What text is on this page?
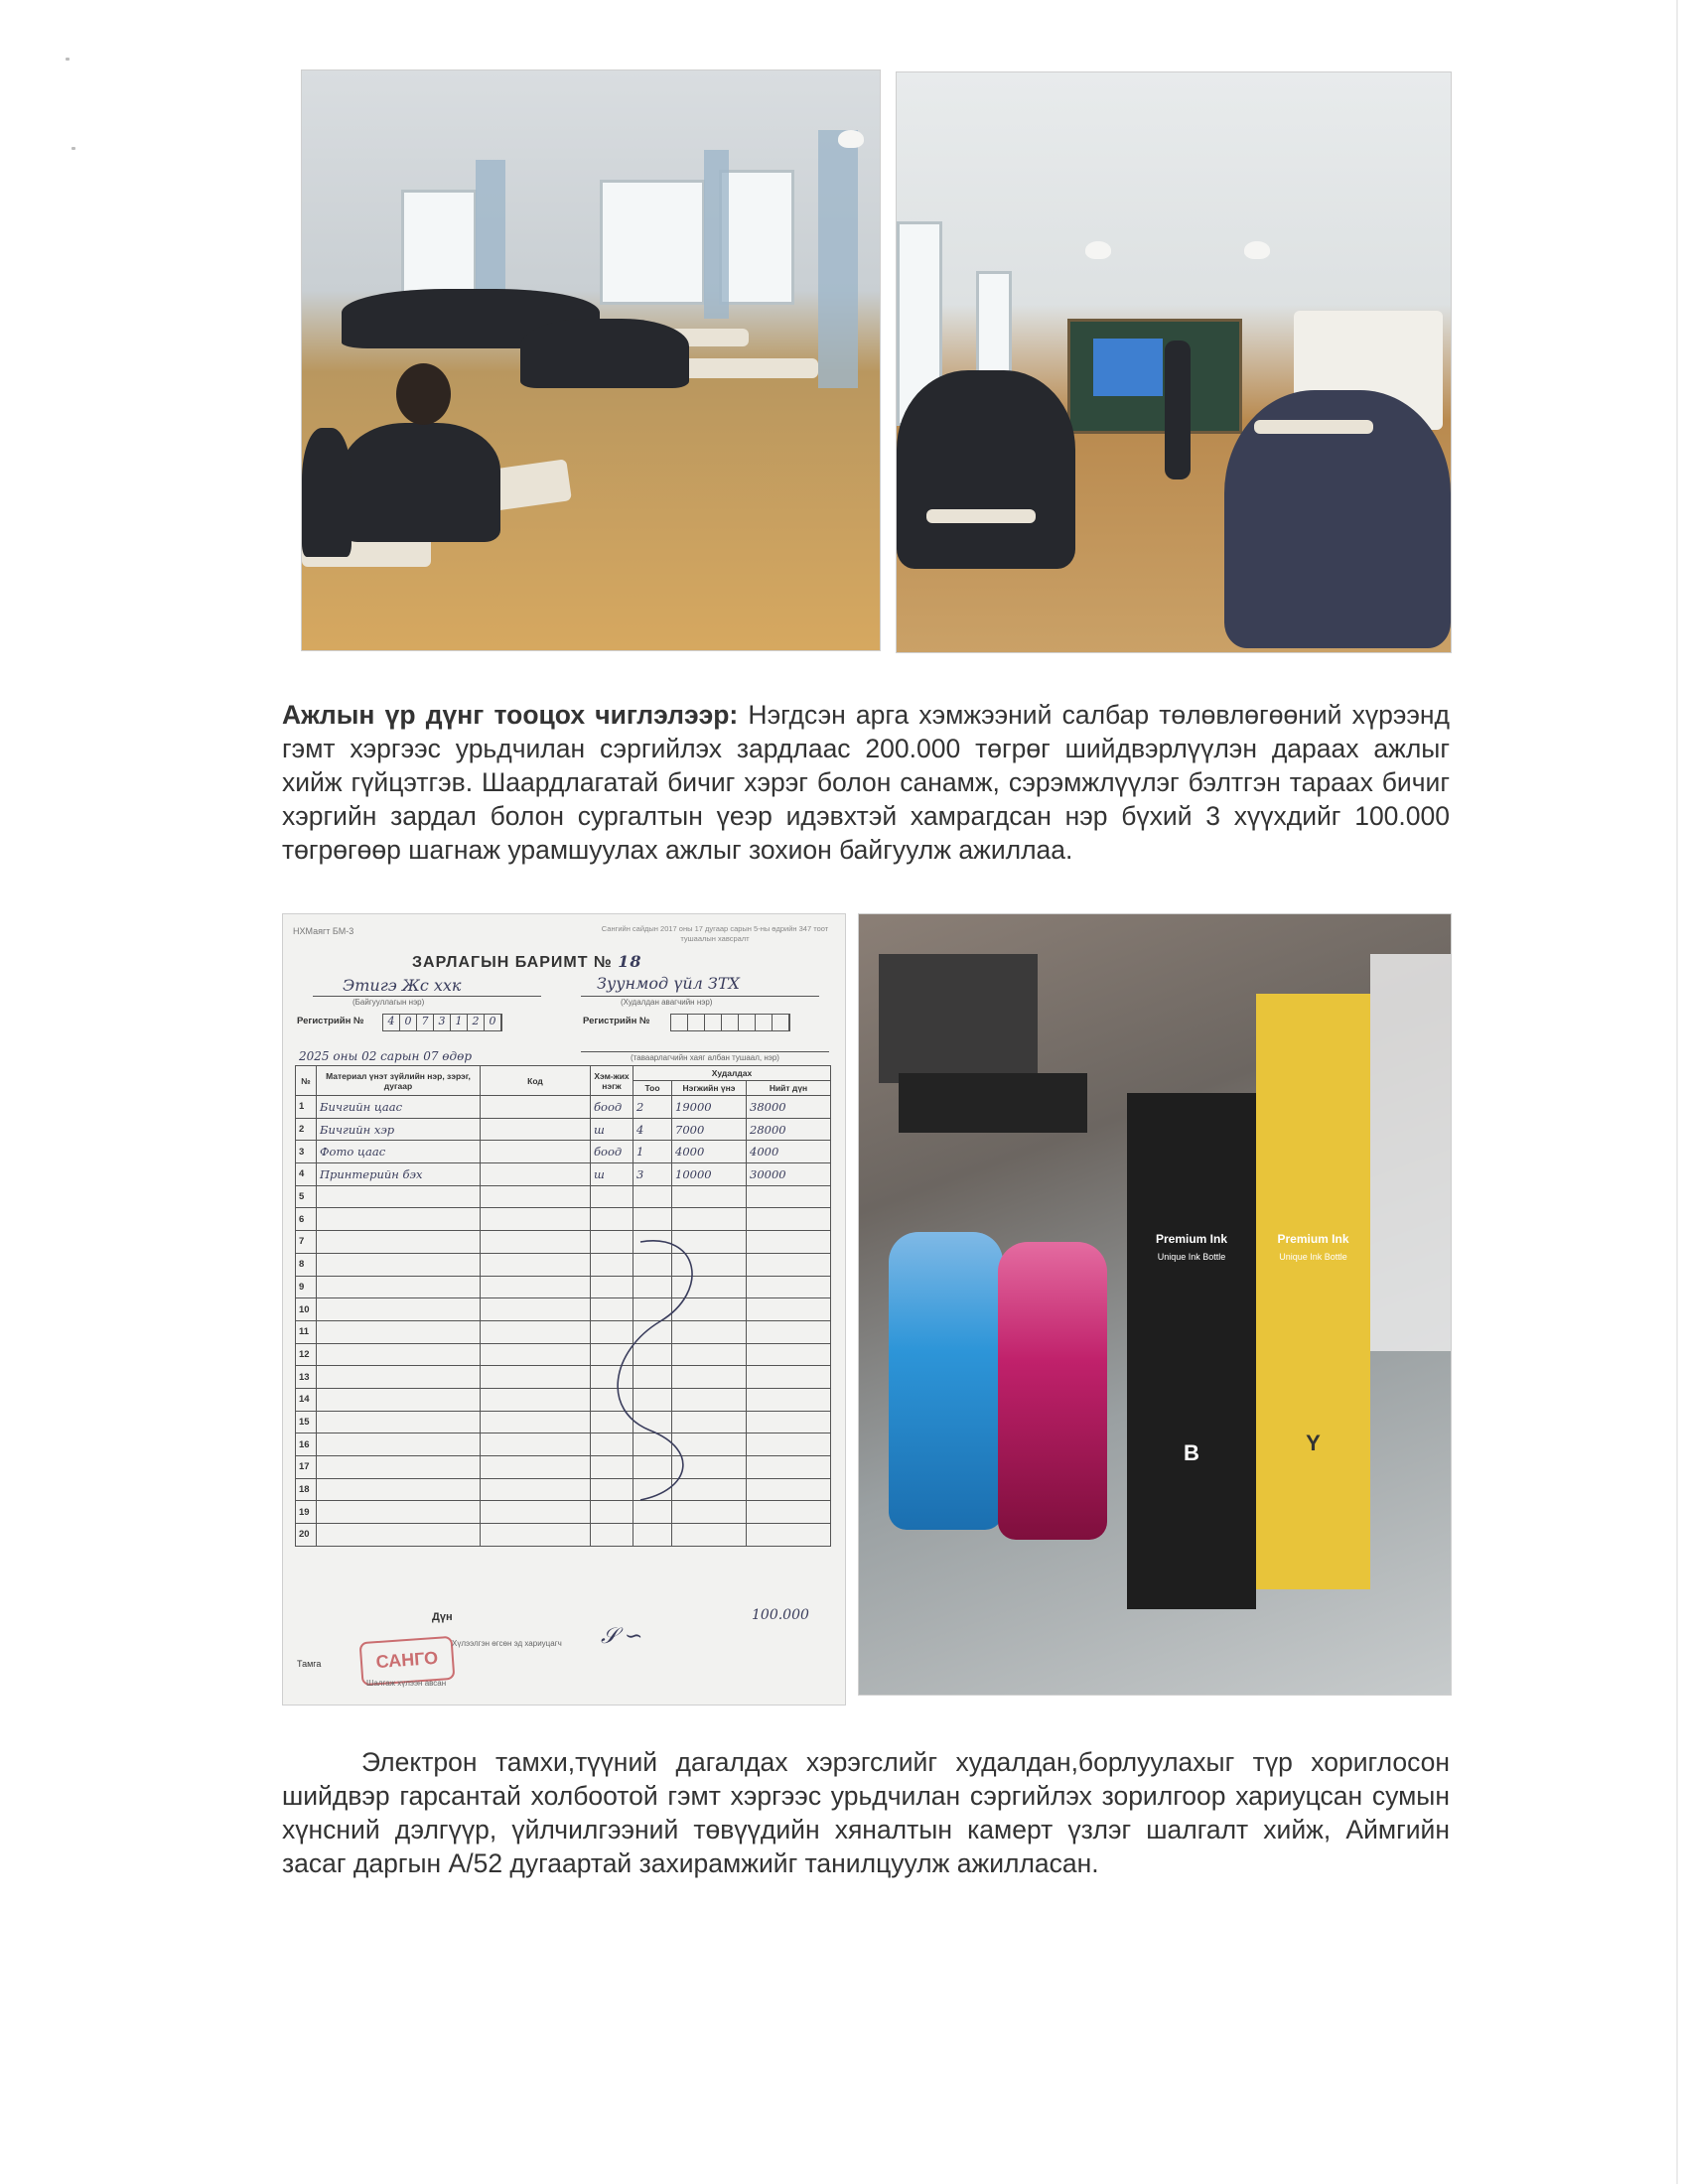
Ажлын үр дүнг тооцох чиглэлээр: Нэгдсэн арга хэмжээний салбар төлөвлөгөөний хүрээнд гэмт хэргээс урьдчилан сэргийлэх зардлаас 200.000 төгрөг шийдвэрлүүлэн дараах ажлыг хийж гүйцэтгэв. Шаардлагатай бичиг хэрэг болон санамж, сэрэмжлүүлэг бэлтгэн тараах бичиг хэргийн зардал болон сургалтын үеэр идэвхтэй хамрагдсан нэр бүхий 3 хүүхдийг 100.000 төгрөгөөр шагнаж урамшуулах ажлыг зохион байгуулж ажиллаа.
НХМаягт БМ-3	Сангийн сайдын 2017 оны 17 дугаар сарын 5-ны өдрийн 347 тоот тушаалын хавсралт
ЗАРЛАГЫН БАРИМТ № 18
Этигэ Жс ххк
(Байгууллагын нэр)
Зуунмод үйл ЗТХ
(Худалдан авагчийн нэр)
Регистрийн №	4 0 7 3 1 2 0	Регистрийн №
2025 оны 02 сарын 07 өдөр	(таваарлагчийн хаяг албан тушаал, нэр)
№	Материал үнэт зүйлийн нэр, зэрэг, дугаар	Код	Хэм-жих нэгж	Худалдах		
				Тоо	Нэгжийн үнэ	Нийт дүн
1	Бичгийн цаас		боод	2	19000	38000
2	Бичгийн хэр		ш	4	7000	28000
3	Фото цаас		боод	1	4000	4000
4	Принтерийн бэх		ш	3	10000	30000
5						
6						
7						
8						
9						
10						
11						
12						
13						
14						
15						
16						
17						
18						
19						
20						
Дүн	100.000
САНГО
Тамга
Хүлээлгэн өгсөн эд хариуцагч 𝒮 ∽
Шалгаж хүлээн авсан
Premium Ink
Unique Ink Bottle
B
Premium Ink
Unique Ink Bottle
Y
Электрон тамхи,түүний дагалдах хэрэгслийг худалдан,борлуулахыг түр хориглосон шийдвэр гарсантай холбоотой гэмт хэргээс урьдчилан сэргийлэх зорилгоор хариуцсан сумын хүнсний дэлгүүр, үйлчилгээний төвүүдийн хяналтын камерт үзлэг шалгалт хийж, Аймгийн засаг даргын А/52 дугаартай захирамжийг танилцуулж ажилласан.
